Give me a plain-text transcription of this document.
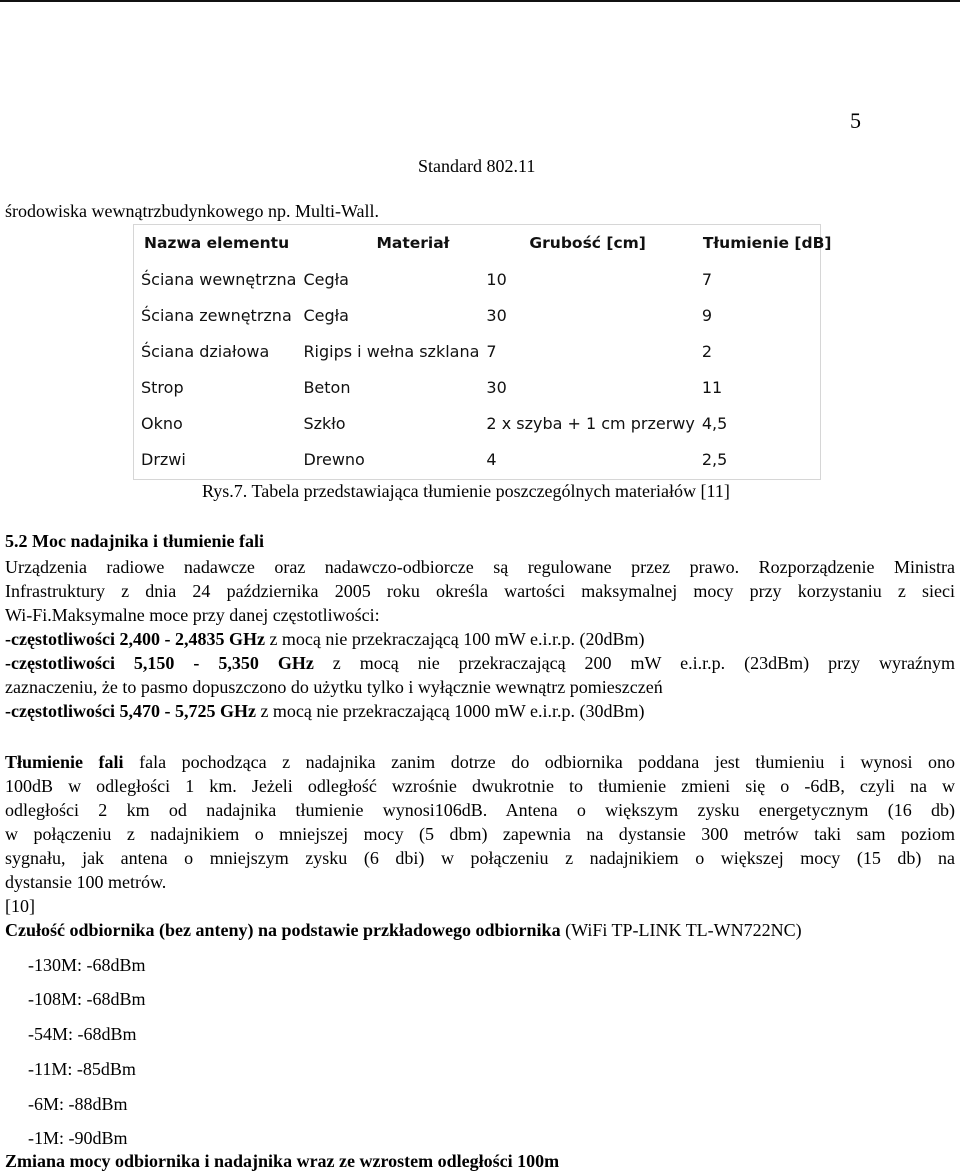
5
Standard 802.11
środowiska wewnątrzbudynkowego np. Multi-Wall.
Nazwa elementu	Materiał	Grubość [cm]	Tłumienie [dB]
Ściana wewnętrzna	Cegła	10	7
Ściana zewnętrzna	Cegła	30	9
Ściana działowa	Rigips i wełna szklana	7	2
Strop	Beton	30	11
Okno	Szkło	2 x szyba + 1 cm przerwy	4,5
Drzwi	Drewno	4	2,5
Rys.7. Tabela przedstawiająca tłumienie poszczególnych materiałów [11]
5.2 Moc nadajnika i tłumienie fali
Urządzenia radiowe nadawcze oraz nadawczo-odbiorcze są regulowane przez prawo. Rozporządzenie Ministra
Infrastruktury z dnia 24 października 2005 roku określa wartości maksymalnej mocy przy korzystaniu z sieci
Wi-Fi.Maksymalne moce przy danej częstotliwości:
-częstotliwości 2,400 - 2,4835 GHz z mocą nie przekraczającą 100 mW e.i.r.p. (20dBm)
-częstotliwości 5,150 - 5,350 GHz z mocą nie przekraczającą 200 mW e.i.r.p. (23dBm) przy wyraźnym
zaznaczeniu, że to pasmo dopuszczono do użytku tylko i wyłącznie wewnątrz pomieszczeń
-częstotliwości 5,470 - 5,725 GHz z mocą nie przekraczającą 1000 mW e.i.r.p. (30dBm)
Tłumienie fali fala pochodząca z nadajnika zanim dotrze do odbiornika poddana jest tłumieniu i wynosi ono
100dB w odległości 1 km. Jeżeli odległość wzrośnie dwukrotnie to tłumienie zmieni się o -6dB, czyli na w
odległości 2 km od nadajnika tłumienie wynosi106dB. Antena o większym zysku energetycznym (16 db)
w połączeniu z nadajnikiem o mniejszej mocy (5 dbm) zapewnia na dystansie 300 metrów taki sam poziom
sygnału, jak antena o mniejszym zysku (6 dbi) w połączeniu z nadajnikiem o większej mocy (15 db) na
dystansie 100 metrów.
[10]
Czułość odbiornika (bez anteny) na podstawie przkładowego odbiornika (WiFi TP-LINK TL-WN722NC)
-130M: -68dBm
-108M: -68dBm
-54M: -68dBm
-11M: -85dBm
-6M: -88dBm
-1M: -90dBm
Zmiana mocy odbiornika i nadajnika wraz ze wzrostem odległości 100m
